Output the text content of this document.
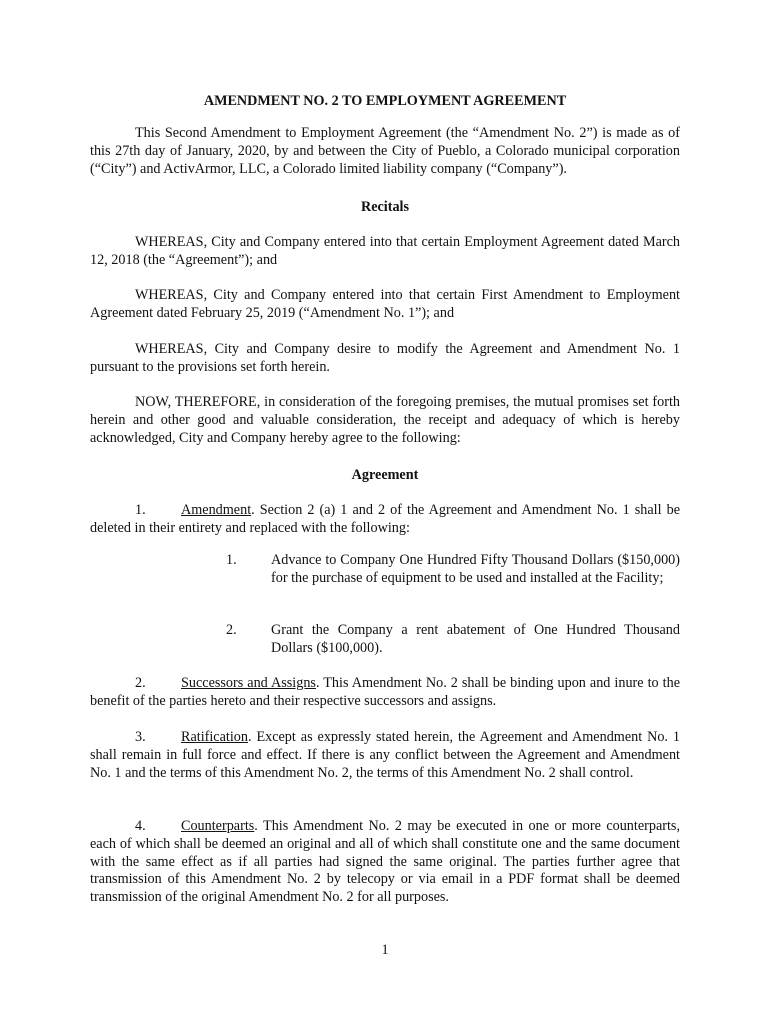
AMENDMENT NO. 2 TO EMPLOYMENT AGREEMENT

This Second Amendment to Employment Agreement (the “Amendment No. 2”) is made as of this 27th day of January, 2020, by and between the City of Pueblo, a Colorado municipal corporation (“City”) and ActivArmor, LLC, a Colorado limited liability company (“Company”).

Recitals

WHEREAS, City and Company entered into that certain Employment Agreement dated March 12, 2018 (the “Agreement”); and

WHEREAS, City and Company entered into that certain First Amendment to Employment Agreement dated February 25, 2019 (“Amendment No. 1”); and

WHEREAS, City and Company desire to modify the Agreement and Amendment No. 1 pursuant to the provisions set forth herein.

NOW, THEREFORE, in consideration of the foregoing premises, the mutual promises set forth herein and other good and valuable consideration, the receipt and adequacy of which is hereby acknowledged, City and Company hereby agree to the following:

Agreement

1. Amendment. Section 2 (a) 1 and 2 of the Agreement and Amendment No. 1 shall be deleted in their entirety and replaced with the following:

1. Advance to Company One Hundred Fifty Thousand Dollars ($150,000) for the purchase of equipment to be used and installed at the Facility;

2. Grant the Company a rent abatement of One Hundred Thousand Dollars ($100,000).

2. Successors and Assigns. This Amendment No. 2 shall be binding upon and inure to the benefit of the parties hereto and their respective successors and assigns.

3. Ratification. Except as expressly stated herein, the Agreement and Amendment No. 1 shall remain in full force and effect. If there is any conflict between the Agreement and Amendment No. 1 and the terms of this Amendment No. 2, the terms of this Amendment No. 2 shall control.

4. Counterparts. This Amendment No. 2 may be executed in one or more counterparts, each of which shall be deemed an original and all of which shall constitute one and the same document with the same effect as if all parties had signed the same original. The parties further agree that transmission of this Amendment No. 2 by telecopy or via email in a PDF format shall be deemed transmission of the original Amendment No. 2 for all purposes.

1
